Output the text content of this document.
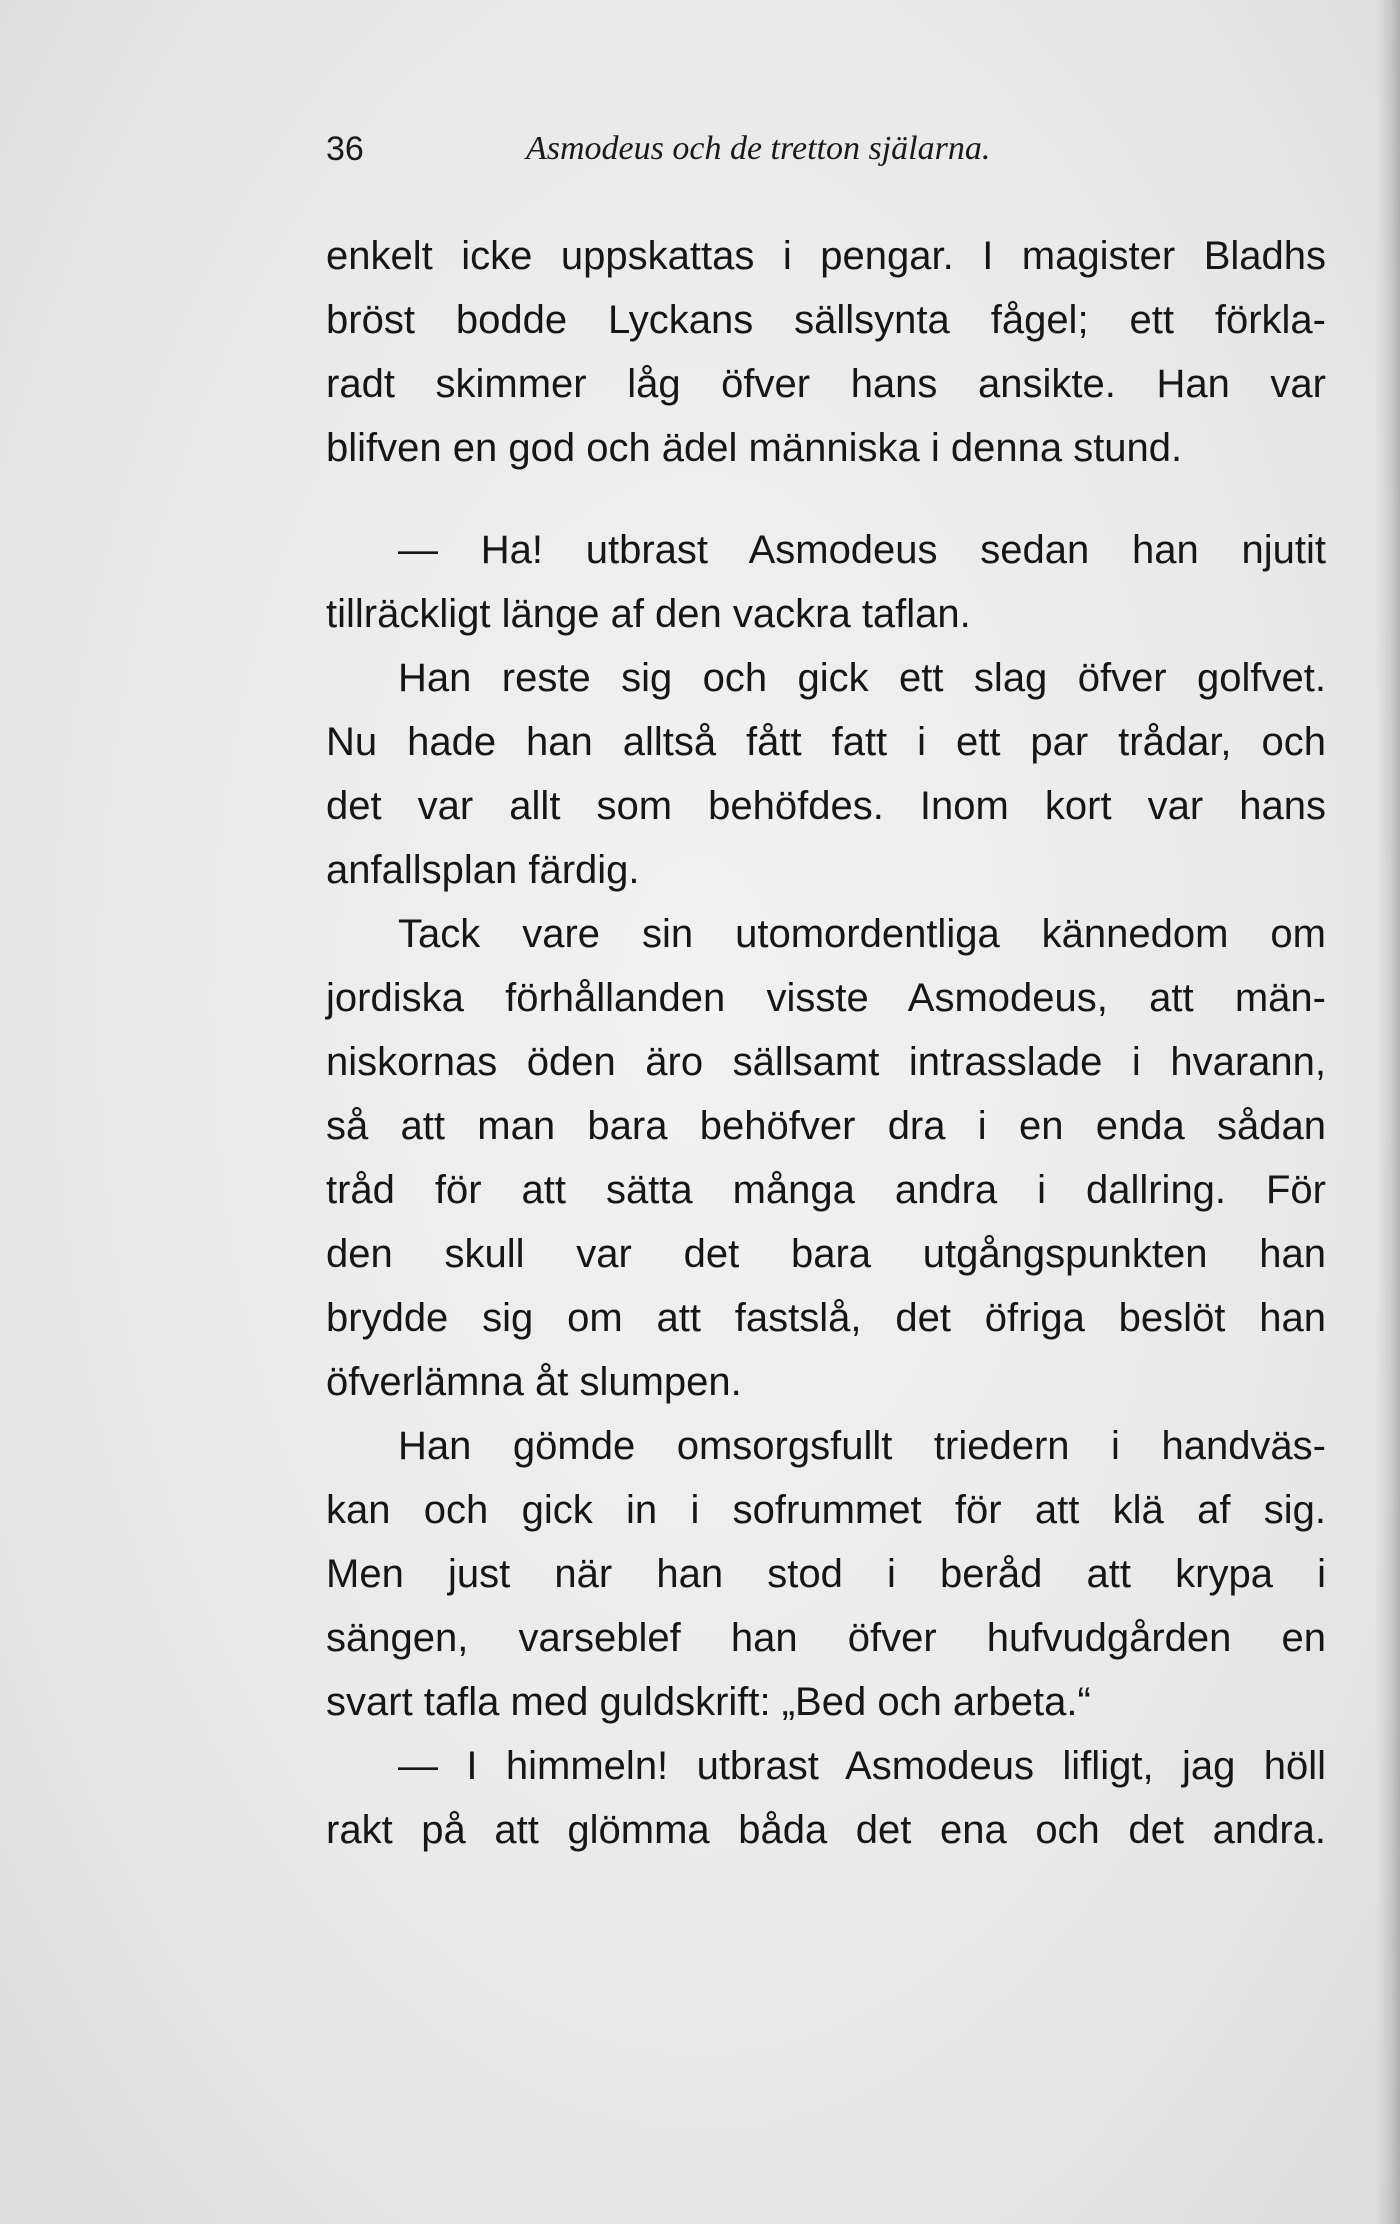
36	Asmodeus och de tretton själarna.
enkelt icke uppskattas i pengar. I magister Bladhs
bröst bodde Lyckans sällsynta fågel; ett förkla-
radt skimmer låg öfver hans ansikte. Han var
blifven en god och ädel människa i denna stund.
— Ha! utbrast Asmodeus sedan han njutit
tillräckligt länge af den vackra taflan.
Han reste sig och gick ett slag öfver golfvet.
Nu hade han alltså fått fatt i ett par trådar, och
det var allt som behöfdes. Inom kort var hans
anfallsplan färdig.
Tack vare sin utomordentliga kännedom om
jordiska förhållanden visste Asmodeus, att män-
niskornas öden äro sällsamt intrasslade i hvarann,
så att man bara behöfver dra i en enda sådan
tråd för att sätta många andra i dallring. För
den skull var det bara utgångspunkten han
brydde sig om att fastslå, det öfriga beslöt han
öfverlämna åt slumpen.
Han gömde omsorgsfullt triedern i handväs-
kan och gick in i sofrummet för att klä af sig.
Men just när han stod i beråd att krypa i
sängen, varseblef han öfver hufvudgården en
svart tafla med guldskrift: „Bed och arbeta.“
— I himmeln! utbrast Asmodeus lifligt, jag höll
rakt på att glömma båda det ena och det andra.
